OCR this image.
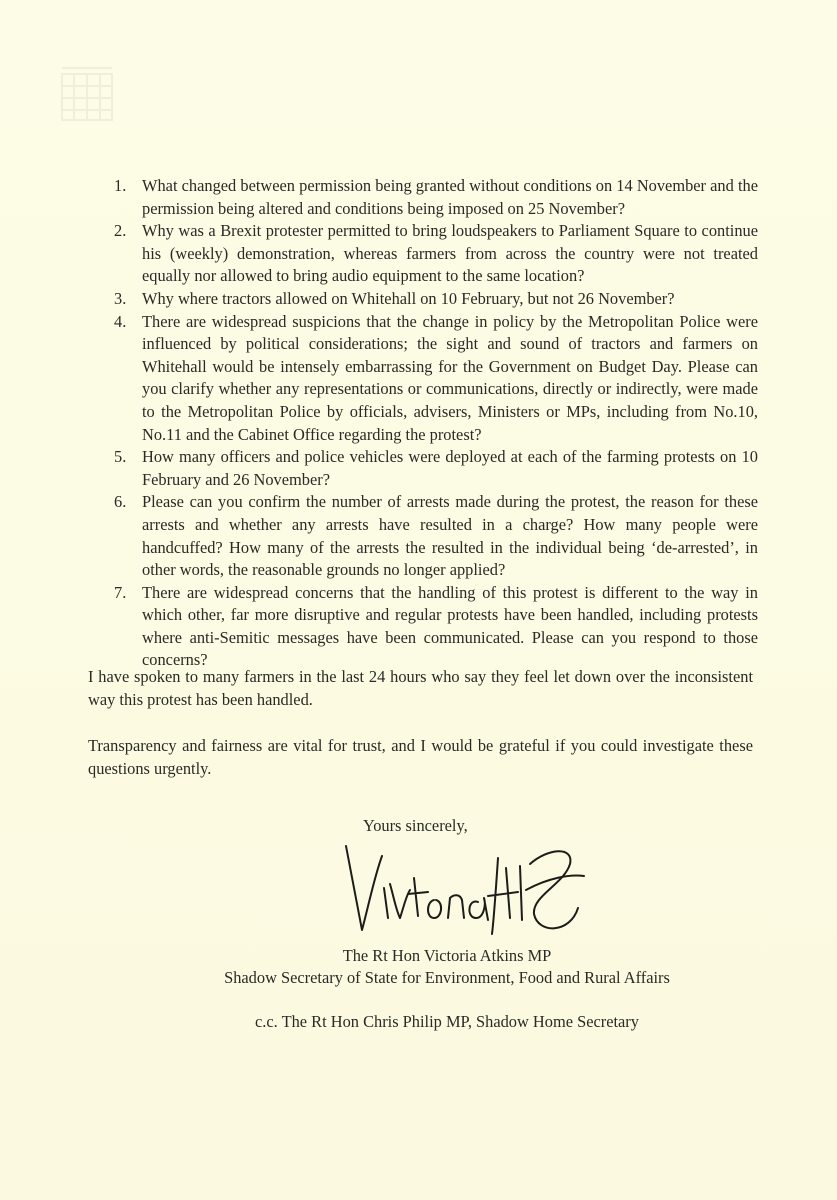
1. What changed between permission being granted without conditions on 14 November and the permission being altered and conditions being imposed on 25 November?
2. Why was a Brexit protester permitted to bring loudspeakers to Parliament Square to continue his (weekly) demonstration, whereas farmers from across the country were not treated equally nor allowed to bring audio equipment to the same location?
3. Why where tractors allowed on Whitehall on 10 February, but not 26 November?
4. There are widespread suspicions that the change in policy by the Metropolitan Police were influenced by political considerations; the sight and sound of tractors and farmers on Whitehall would be intensely embarrassing for the Government on Budget Day. Please can you clarify whether any representations or communications, directly or indirectly, were made to the Metropolitan Police by officials, advisers, Ministers or MPs, including from No.10, No.11 and the Cabinet Office regarding the protest?
5. How many officers and police vehicles were deployed at each of the farming protests on 10 February and 26 November?
6. Please can you confirm the number of arrests made during the protest, the reason for these arrests and whether any arrests have resulted in a charge? How many people were handcuffed? How many of the arrests the resulted in the individual being ‘de-arrested’, in other words, the reasonable grounds no longer applied?
7. There are widespread concerns that the handling of this protest is different to the way in which other, far more disruptive and regular protests have been handled, including protests where anti-Semitic messages have been communicated. Please can you respond to those concerns?

I have spoken to many farmers in the last 24 hours who say they feel let down over the inconsistent way this protest has been handled.

Transparency and fairness are vital for trust, and I would be grateful if you could investigate these questions urgently.

Yours sincerely,
The Rt Hon Victoria Atkins MP
Shadow Secretary of State for Environment, Food and Rural Affairs
c.c. The Rt Hon Chris Philip MP, Shadow Home Secretary
